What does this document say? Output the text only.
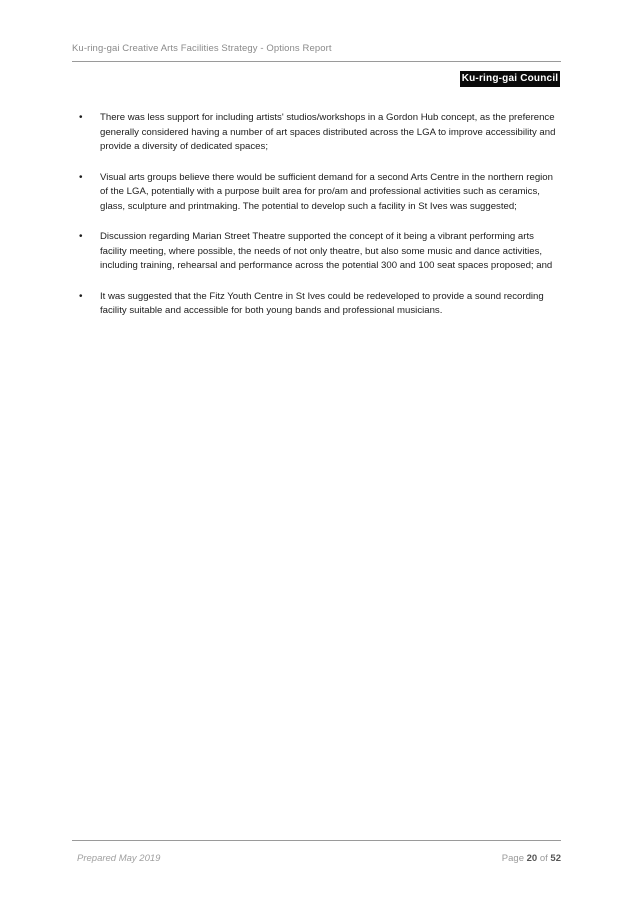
Ku-ring-gai Creative Arts Facilities Strategy - Options Report
Ku-ring-gai Council
• There was less support for including artists' studios/workshops in a Gordon Hub concept, as the preference generally considered having a number of art spaces distributed across the LGA to improve accessibility and provide a diversity of dedicated spaces;
• Visual arts groups believe there would be sufficient demand for a second Arts Centre in the northern region of the LGA, potentially with a purpose built area for pro/am and professional activities such as ceramics, glass, sculpture and printmaking. The potential to develop such a facility in St Ives was suggested;
• Discussion regarding Marian Street Theatre supported the concept of it being a vibrant performing arts facility meeting, where possible, the needs of not only theatre, but also some music and dance activities, including training, rehearsal and performance across the potential 300 and 100 seat spaces proposed; and
• It was suggested that the Fitz Youth Centre in St Ives could be redeveloped to provide a sound recording facility suitable and accessible for both young bands and professional musicians.
Prepared May 2019	Page 20 of 52
